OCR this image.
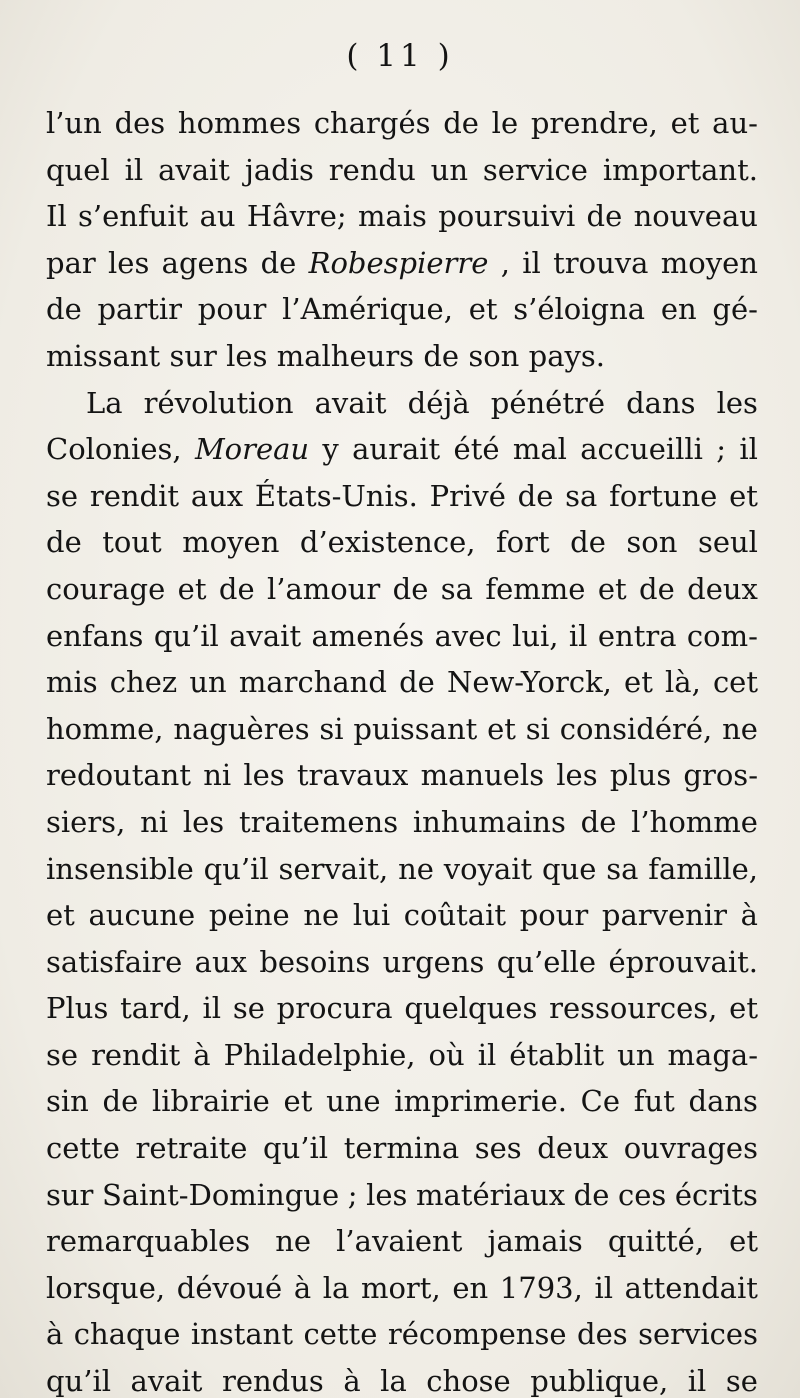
( 11 )
l’un des hommes chargés de le prendre, et au-
quel il avait jadis rendu un service important.
Il s’enfuit au Hâvre; mais poursuivi de nouveau
par les agens de Robespierre , il trouva moyen
de partir pour l’Amérique, et s’éloigna en gé-
missant sur les malheurs de son pays.
La révolution avait déjà pénétré dans les
Colonies, Moreau y aurait été mal accueilli ; il
se rendit aux États-Unis. Privé de sa fortune et
de tout moyen d’existence, fort de son seul
courage et de l’amour de sa femme et de deux
enfans qu’il avait amenés avec lui, il entra com-
mis chez un marchand de New-Yorck, et là, cet
homme, naguères si puissant et si considéré, ne
redoutant ni les travaux manuels les plus gros-
siers, ni les traitemens inhumains de l’homme
insensible qu’il servait, ne voyait que sa famille,
et aucune peine ne lui coûtait pour parvenir à
satisfaire aux besoins urgens qu’elle éprouvait.
Plus tard, il se procura quelques ressources, et
se rendit à Philadelphie, où il établit un maga-
sin de librairie et une imprimerie. Ce fut dans
cette retraite qu’il termina ses deux ouvrages
sur Saint-Domingue ; les matériaux de ces écrits
remarquables ne l’avaient jamais quitté, et
lorsque, dévoué à la mort, en 1793, il attendait
à chaque instant cette récompense des services
qu’il avait rendus à la chose publique, il se
